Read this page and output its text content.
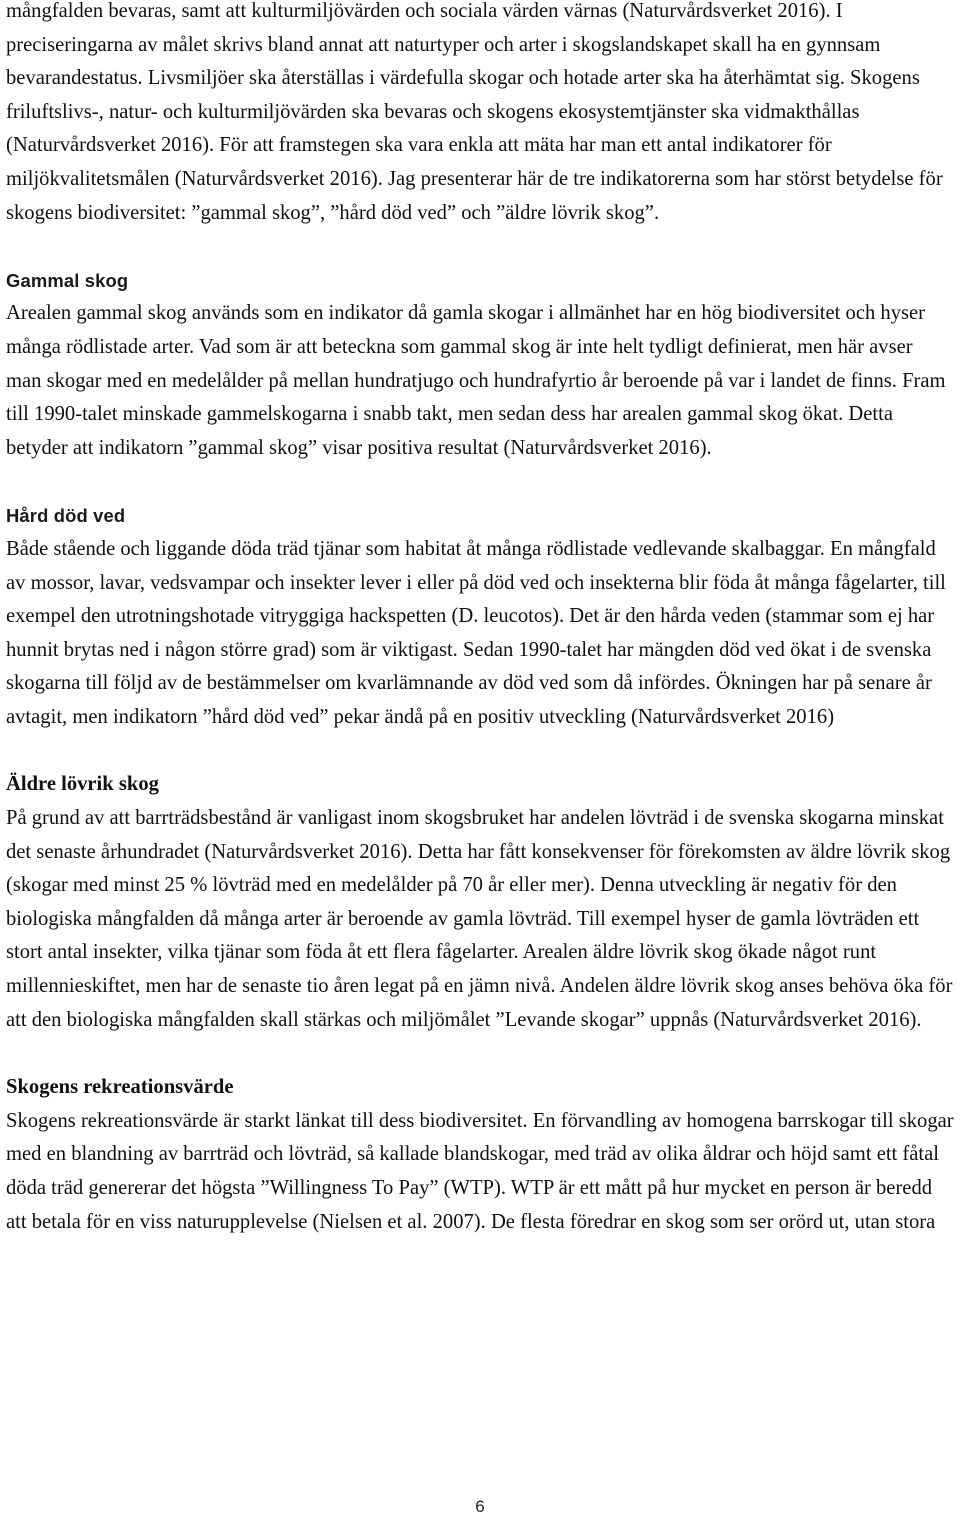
mångfalden bevaras, samt att kulturmiljövärden och sociala värden värnas (Naturvårdsverket 2016). I preciseringarna av målet skrivs bland annat att naturtyper och arter i skogslandskapet skall ha en gynnsam bevarandestatus. Livsmiljöer ska återställas i värdefulla skogar och hotade arter ska ha återhämtat sig. Skogens friluftslivs-, natur- och kulturmiljövärden ska bevaras och skogens ekosystemtjänster ska vidmakthållas (Naturvårdsverket 2016). För att framstegen ska vara enkla att mäta har man ett antal indikatorer för miljökvalitetsmålen (Naturvårdsverket 2016). Jag presenterar här de tre indikatorerna som har störst betydelse för skogens biodiversitet: ”gammal skog”, ”hård död ved” och ”äldre lövrik skog”.

Gammal skog

Arealen gammal skog används som en indikator då gamla skogar i allmänhet har en hög biodiversitet och hyser många rödlistade arter. Vad som är att beteckna som gammal skog är inte helt tydligt definierat, men här avser man skogar med en medelålder på mellan hundratjugo och hundrafyrtio år beroende på var i landet de finns. Fram till 1990-talet minskade gammelskogarna i snabb takt, men sedan dess har arealen gammal skog ökat. Detta betyder att indikatorn ”gammal skog” visar positiva resultat (Naturvårdsverket 2016).

Hård död ved

Både stående och liggande döda träd tjänar som habitat åt många rödlistade vedlevande skalbaggar. En mångfald av mossor, lavar, vedsvampar och insekter lever i eller på död ved och insekterna blir föda åt många fågelarter, till exempel den utrotningshotade vitryggiga hackspetten (D. leucotos). Det är den hårda veden (stammar som ej har hunnit brytas ned i någon större grad) som är viktigast. Sedan 1990-talet har mängden död ved ökat i de svenska skogarna till följd av de bestämmelser om kvarlämnande av död ved som då infördes. Ökningen har på senare år avtagit, men indikatorn ”hård död ved” pekar ändå på en positiv utveckling (Naturvårdsverket 2016)

Äldre lövrik skog

På grund av att barrträdsbestånd är vanligast inom skogsbruket har andelen lövträd i de svenska skogarna minskat det senaste århundradet (Naturvårdsverket 2016). Detta har fått konsekvenser för förekomsten av äldre lövrik skog (skogar med minst 25 % lövträd med en medelålder på 70 år eller mer). Denna utveckling är negativ för den biologiska mångfalden då många arter är beroende av gamla lövträd. Till exempel hyser de gamla lövträden ett stort antal insekter, vilka tjänar som föda åt ett flera fågelarter. Arealen äldre lövrik skog ökade något runt millennieskiftet, men har de senaste tio åren legat på en jämn nivå. Andelen äldre lövrik skog anses behöva öka för att den biologiska mångfalden skall stärkas och miljömålet ”Levande skogar” uppnås (Naturvårdsverket 2016).

Skogens rekreationsvärde

Skogens rekreationsvärde är starkt länkat till dess biodiversitet. En förvandling av homogena barrskogar till skogar med en blandning av barrträd och lövträd, så kallade blandskogar, med träd av olika åldrar och höjd samt ett fåtal döda träd genererar det högsta ”Willingness To Pay” (WTP). WTP är ett mått på hur mycket en person är beredd att betala för en viss naturupplevelse (Nielsen et al. 2007). De flesta föredrar en skog som ser orörd ut, utan stora

6
